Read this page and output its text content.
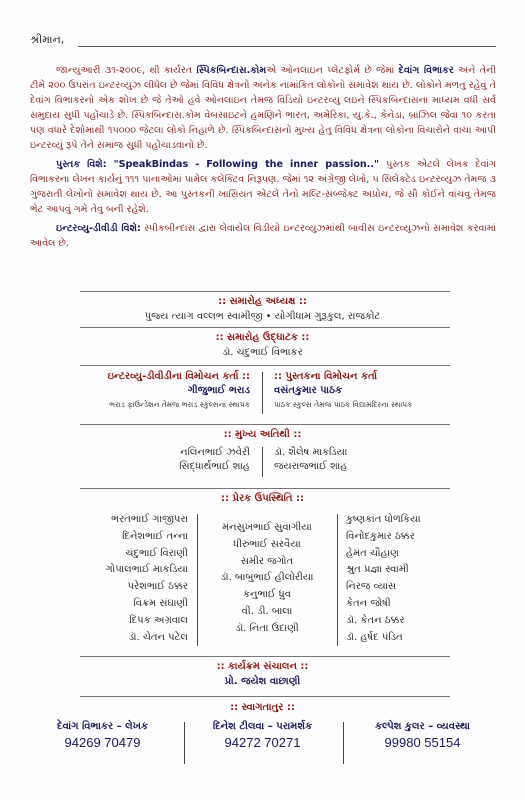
શ્રીમાન,

જાન્યુઆરી ૩૧-૨૦૦૯, થી કાર્યરત સ્પિકબિન્દાસ.કોમએ ઓનલાઇન પ્લેટફોર્મ છે જેમાં દેવાંગ વિભાકર અને તેની ટીમે ૨૦૦ ઉપરાંત ઇન્ટરવ્યુઝ લીધેલ છે જેમાં વિવિધ ક્ષેત્રનો અનેક નામાંકિત લોકોનો સમાવેશ થાય છે. લોકોને મળતુ રહેવું તે દેવાંગ વિભાકરનો એક શોખ છે જે તેઓ હવે ઓનલાઇન તેમજ વિડિયો ઇન્ટરવ્યુ લઇને સ્પિકબિન્દાસના માધ્યમ વધી સર્વ સમુદાય સુધી પહોંચાડે છે. સ્પિકબિન્દાસ.કોમ વેબસાઇટને હમણિને ભારત, અમેરિકા, યુ.કે., કેનેડા, બ્રાઝિલ જેવા ૧૦ કરતા પણ વધારે દેશોમાંથી ૧૫૦૦૦ જેટલા લોકો નિહાળે છે. સ્પિકબિન્દાસનો મુખ્ય હેતુ વિવિધ ક્ષેત્રના લોકોના વિચારોને વાચા આપી ઇન્ટરવ્યું રૂપે તેને સમાજ સુધી પહોંચાડવાનો છે.

પુસ્તક વિશે: "SpeakBindas - Following the inner passion.." પુસ્તક એટલે લેખક દેવાંગ વિભાકરના લેખન કાર્યનું ૧૧૧ પાનાઓમાં પામેલ કલેક્ટિવ નિરૂપણ. જેમાં ૧૨ અંગ્રેજી લેખો, ૫ સિલેક્ટેડ ઇન્ટરવ્યુઝ તેમજ ૩ ગુજરાતી લેખોનો સમાવેશ થાય છે. આ પુસ્તકની ખાસિયત એટલે તેનો મલ્ટિ-સબ્જેક્ટ અપ્રોચ, જે સૌ કોઈને વાંચવુ તેમજ ભેટ આપવું ગમે તેવુ બની રહેશે.

ઇન્ટરવ્યુ-ડીવીડી વિશે: સ્પીકબીન્દાસ દ્વારા લેવાયેલ વિડીયો ઇન્ટરવ્યુઝમાંથી બાવીસ ઇન્ટરવ્યુઝનો સમાવેશ કરવામાં આવેલ છે.

:: સમારોહ અધ્યક્ષ ::
પુજ્ય ત્યાગ વલ્લભ સ્વામીજી • યોગીધામ ગુરૂકુલ, રાજકોટ
:: સમારોહ ઉદ્ઘાટક ::
ડૉ. ચંદુભાઈ વિભાકર
ઇન્ટરવ્યુ-ડીવીડીના વિમોચન કર્તા ::
ગીજુભાઈ ભરાડ
ભરાડ ફાઉન્ડેશન તેમજ ભરાડ સ્કુલ્સના સ્થાપક
:: પુસ્તકના વિમોચન કર્તા
વસંતકુમાર પાઠક
પાઠક સ્કુલ્સ તેમજ પાઠક વિદ્યામંદિરના સ્થાપક
:: મુખ્ય અતિથી ::
નલિનભાઈ ઝવેરી
સિદ્ધાર્થભાઈ શાહ
ડૉ. શૈલેષ માકડિયા
જયરાજભાઈ શાહ
:: પ્રેરક ઉપસ્થિતિ ::
ભરતભાઈ ગાજીપરા
દિનેશભાઈ તન્ના
ચંદુભાઈ વિરાણી
ગોપાલભાઈ માકડિયા
પરેશભાઈ ઠક્કર
વિક્રમ સંઘાણી
દિપક અગ્રવાલ
ડૉ. ચેતન પટેલ
મનસુખભાઈ સુવાગીયા
ધીરુભાઈ સરવૈયા
સમીર જગોત
ડૉ. બાબુભાઈ હીલોરીયા
કનુભાઈ ધ્રુવ
વી. ડી. બાલા
ડૉ. નિતા ઉદાણી
કુષ્ણકાંત ધોળકિયા
વિનોદકુમાર ઠક્કર
હેમંત ચૌહાણ
શ્રુત પ્રજ્ઞા સ્વામી
નિરજ વ્યાસ
કેતન જોષી
ડૉ. કેતન ઠક્કર
ડૉ. હર્ષદ પંડિત
:: કાર્યક્રમ સંચાલન ::
પ્રો. જયેશ વાછાણી
:: સ્વાગતાતુર ::
દેવાંગ વિભાકર – લેખક
94269 70479
દિનેશ ટીલવા – પરામર્શક
94272 70271
કલ્પેશ કુલર – વ્યવસ્થા
99980 55154
